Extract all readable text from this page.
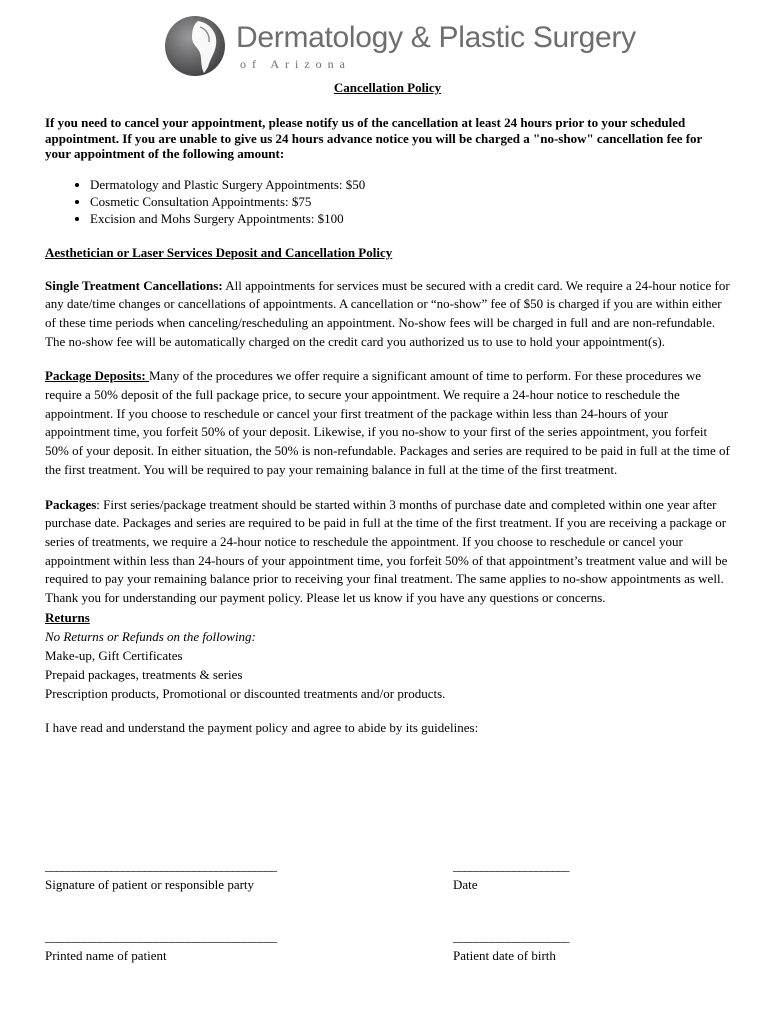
Dermatology & Plastic Surgery
of Arizona

Cancellation Policy

If you need to cancel your appointment, please notify us of the cancellation at least 24 hours prior to your scheduled appointment. If you are unable to give us 24 hours advance notice you will be charged a "no-show" cancellation fee for your appointment of the following amount:

• Dermatology and Plastic Surgery Appointments: $50
• Cosmetic Consultation Appointments: $75
• Excision and Mohs Surgery Appointments: $100

Aesthetician or Laser Services Deposit and Cancellation Policy

Single Treatment Cancellations: All appointments for services must be secured with a credit card. We require a 24-hour notice for any date/time changes or cancellations of appointments. A cancellation or “no-show” fee of $50 is charged if you are within either of these time periods when canceling/rescheduling an appointment. No-show fees will be charged in full and are non-refundable. The no-show fee will be automatically charged on the credit card you authorized us to use to hold your appointment(s).

Package Deposits: Many of the procedures we offer require a significant amount of time to perform. For these procedures we require a 50% deposit of the full package price, to secure your appointment. We require a 24-hour notice to reschedule the appointment. If you choose to reschedule or cancel your first treatment of the package within less than 24-hours of your appointment time, you forfeit 50% of your deposit. Likewise, if you no-show to your first of the series appointment, you forfeit 50% of your deposit. In either situation, the 50% is non-refundable. Packages and series are required to be paid in full at the time of the first treatment. You will be required to pay your remaining balance in full at the time of the first treatment.

Packages: First series/package treatment should be started within 3 months of purchase date and completed within one year after purchase date. Packages and series are required to be paid in full at the time of the first treatment. If you are receiving a package or series of treatments, we require a 24-hour notice to reschedule the appointment. If you choose to reschedule or cancel your appointment within less than 24-hours of your appointment time, you forfeit 50% of that appointment’s treatment value and will be required to pay your remaining balance prior to receiving your final treatment. The same applies to no-show appointments as well. Thank you for understanding our payment policy. Please let us know if you have any questions or concerns.

Returns

No Returns or Refunds on the following:

Make-up, Gift Certificates

Prepaid packages, treatments & series

Prescription products, Promotional or discounted treatments and/or products.

I have read and understand the payment policy and agree to abide by its guidelines:

__________________________________________
Signature of patient or responsible party
_____________________
Date
__________________________________________
Printed name of patient
_____________________
Patient date of birth
